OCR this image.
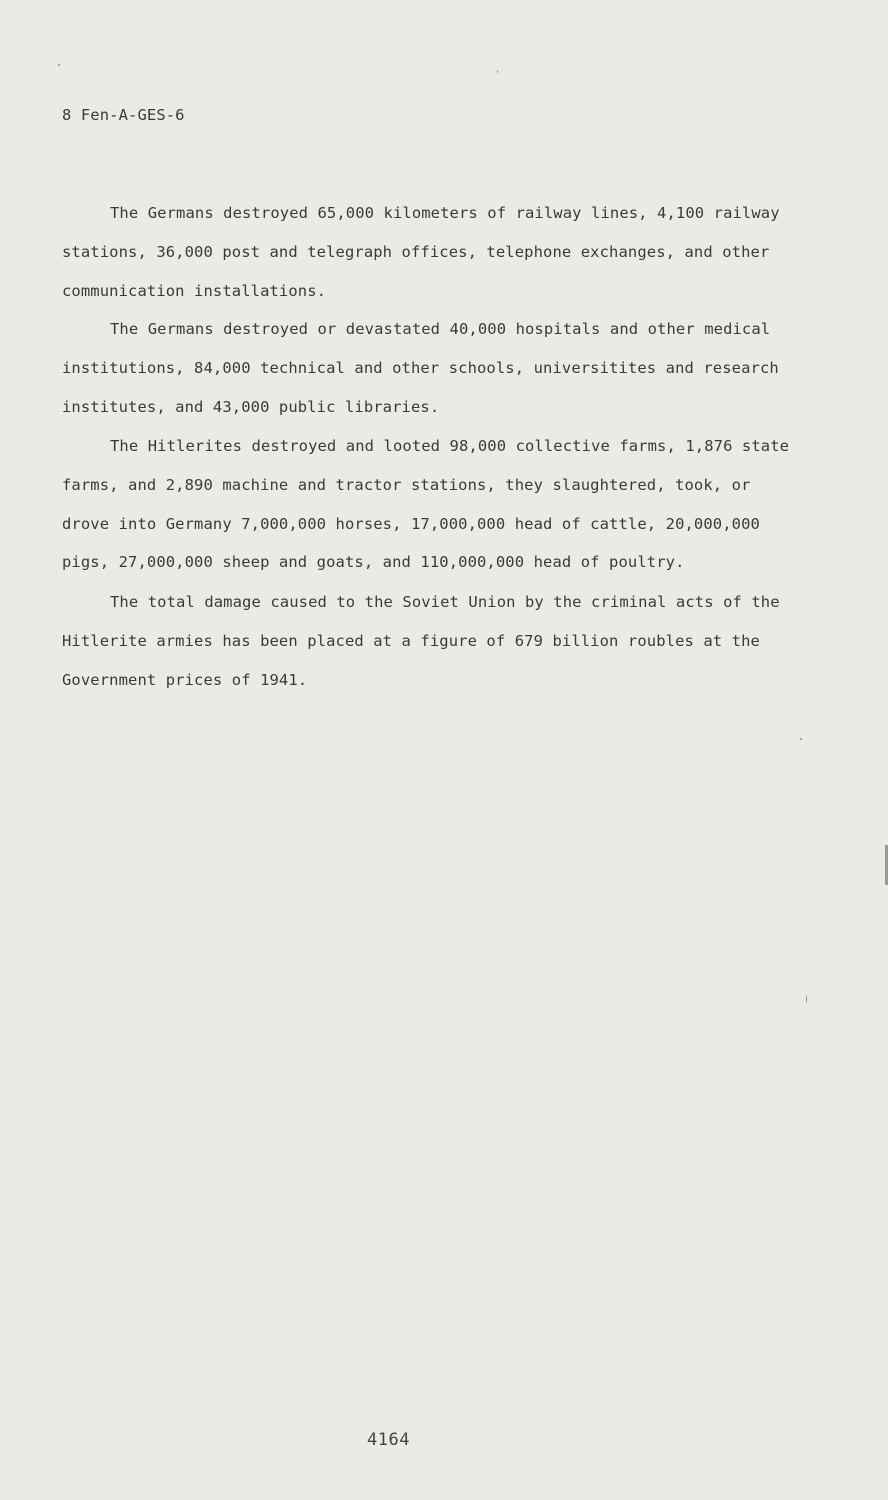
8 Fen-A-GES-6
The Germans destroyed 65,000 kilometers of railway lines, 4,100 railway
stations, 36,000 post and telegraph offices, telephone exchanges, and other
communication installations.
The Germans destroyed or devastated 40,000 hospitals and other medical
institutions, 84,000 technical and other schools, universitites and research
institutes, and 43,000 public libraries.
The Hitlerites destroyed and looted 98,000 collective farms, 1,876 state
farms, and 2,890 machine and tractor stations, they slaughtered, took, or
drove into Germany 7,000,000 horses, 17,000,000 head of cattle, 20,000,000
pigs, 27,000,000 sheep and goats, and 110,000,000 head of poultry.
The total damage caused to the Soviet Union by the criminal acts of the
Hitlerite armies has been placed at a figure of 679 billion roubles at the
Government prices of 1941.
4164
